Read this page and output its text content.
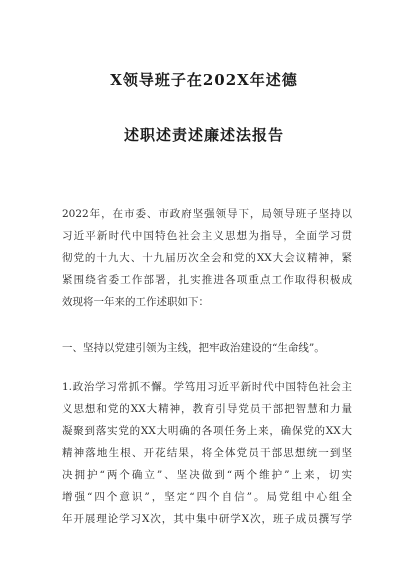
X领导班子在202X年述德
述职述责述廉述法报告
2022年，在市委、市政府坚强领导下，局领导班子坚持以
习近平新时代中国特色社会主义思想为指导，全面学习贯
彻党的十九大、十九届历次全会和党的XX大会议精神，紧
紧围绕省委工作部署，扎实推进各项重点工作取得积极成
效现将一年来的工作述职如下：
一、坚持以党建引领为主线，把牢政治建设的“生命线”。
1.政治学习常抓不懈。学笃用习近平新时代中国特色社会主
义思想和党的XX大精神，教育引导党员干部把智慧和力量
凝聚到落实党的XX大明确的各项任务上来，确保党的XX大
精神落地生根、开花结果，将全体党员干部思想统一到坚
决拥护“两个确立”、坚决做到“两个维护”上来，切实
增强“四个意识”，坚定“四个自信”。局党组中心组全
年开展理论学习X次，其中集中研学X次，班子成员撰写学
